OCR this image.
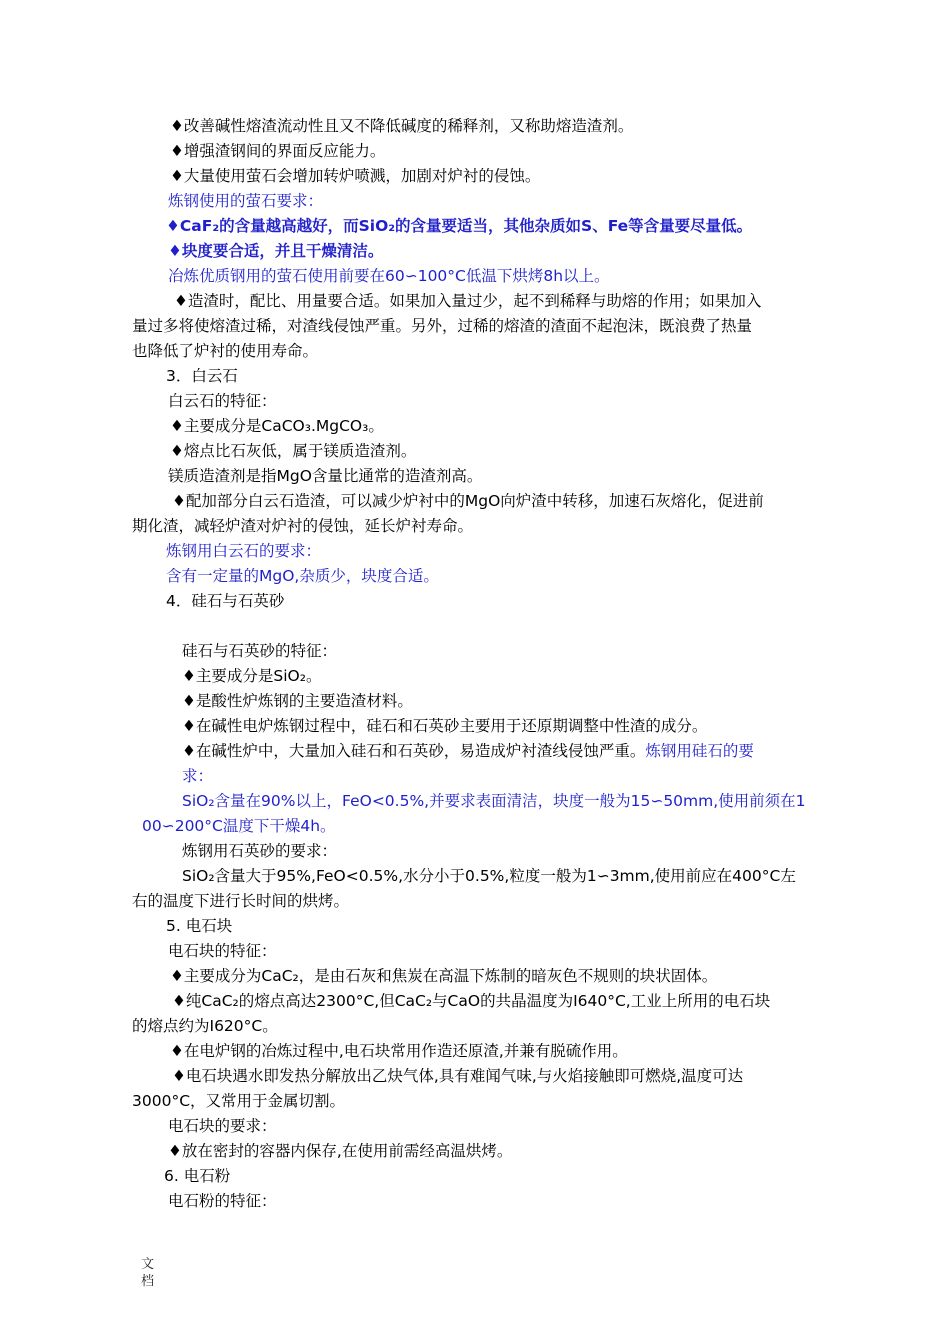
♦改善碱性熔渣流动性且又不降低碱度的稀释剂，又称助熔造渣剂。
♦增强渣钢间的界面反应能力。
♦大量使用萤石会增加转炉喷溅，加剧对炉衬的侵蚀。
炼钢使用的萤石要求：
♦CaF₂的含量越高越好，而SiO₂的含量要适当，其他杂质如S、Fe等含量要尽量低。
♦块度要合适，并且干燥清洁。
冶炼优质钢用的萤石使用前要在60∽100°C低温下烘烤8h以上。
♦造渣时，配比、用量要合适。如果加入量过少，起不到稀释与助熔的作用；如果加入
量过多将使熔渣过稀，对渣线侵蚀严重。另外，过稀的熔渣的渣面不起泡沫，既浪费了热量
也降低了炉衬的使用寿命。
3．白云石
白云石的特征：
♦主要成分是CaCO₃.MgCO₃。
♦熔点比石灰低，属于镁质造渣剂。
镁质造渣剂是指MgO含量比通常的造渣剂高。
♦配加部分白云石造渣，可以减少炉衬中的MgO向炉渣中转移，加速石灰熔化，促进前
期化渣，减轻炉渣对炉衬的侵蚀，延长炉衬寿命。
炼钢用白云石的要求：
含有一定量的MgO,杂质少，块度合适。
4．硅石与石英砂
硅石与石英砂的特征：
♦主要成分是SiO₂。
♦是酸性炉炼钢的主要造渣材料。
♦在碱性电炉炼钢过程中，硅石和石英砂主要用于还原期调整中性渣的成分。
♦在碱性炉中，大量加入硅石和石英砂，易造成炉衬渣线侵蚀严重。炼钢用硅石的要
求：
SiO₂含量在90%以上，FeO<0.5%,并要求表面清洁，块度一般为15∽50mm,使用前须在1
00∽200°C温度下干燥4h。
炼钢用石英砂的要求：
SiO₂含量大于95%,FeO<0.5%,水分小于0.5%,粒度一般为1∽3mm,使用前应在400°C左
右的温度下进行长时间的烘烤。
5. 电石块
电石块的特征：
♦主要成分为CaC₂，是由石灰和焦炭在高温下炼制的暗灰色不规则的块状固体。
♦纯CaC₂的熔点高达2300°C,但CaC₂与CaO的共晶温度为I640°C,工业上所用的电石块
的熔点约为I620°C。
♦在电炉钢的冶炼过程中,电石块常用作造还原渣,并兼有脱硫作用。
♦电石块遇水即发热分解放出乙炔气体,具有难闻气味,与火焰接触即可燃烧,温度可达
3000°C，又常用于金属切割。
♦放在密封的容器内保存,在使用前需经高温烘烤。
电石块的要求：
6. 电石粉
电石粉的特征：
文档
